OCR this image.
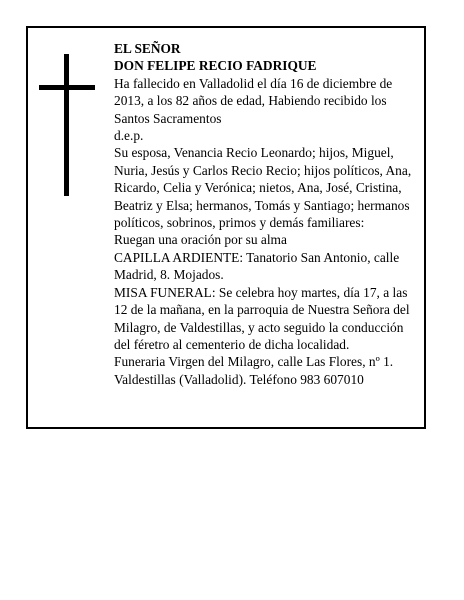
EL SEÑOR

DON FELIPE RECIO FADRIQUE

Ha fallecido en Valladolid el día 16 de diciembre de 2013, a los 82 años de edad, Habiendo recibido los Santos Sacramentos

d.e.p.

Su esposa, Venancia Recio Leonardo; hijos, Miguel, Nuria, Jesús y Carlos Recio Recio; hijos políticos, Ana, Ricardo, Celia y Verónica; nietos, Ana, José, Cristina, Beatriz y Elsa; hermanos, Tomás y Santiago; hermanos políticos, sobrinos, primos y demás familiares:

Ruegan una oración por su alma

CAPILLA ARDIENTE: Tanatorio San Antonio, calle Madrid, 8. Mojados.

MISA FUNERAL: Se celebra hoy martes, día 17, a las 12 de la mañana, en la parroquia de Nuestra Señora del Milagro, de Valdestillas, y acto seguido la conducción del féretro al cementerio de dicha localidad.

Funeraria Virgen del Milagro, calle Las Flores, nº 1. Valdestillas (Valladolid). Teléfono 983 607010
